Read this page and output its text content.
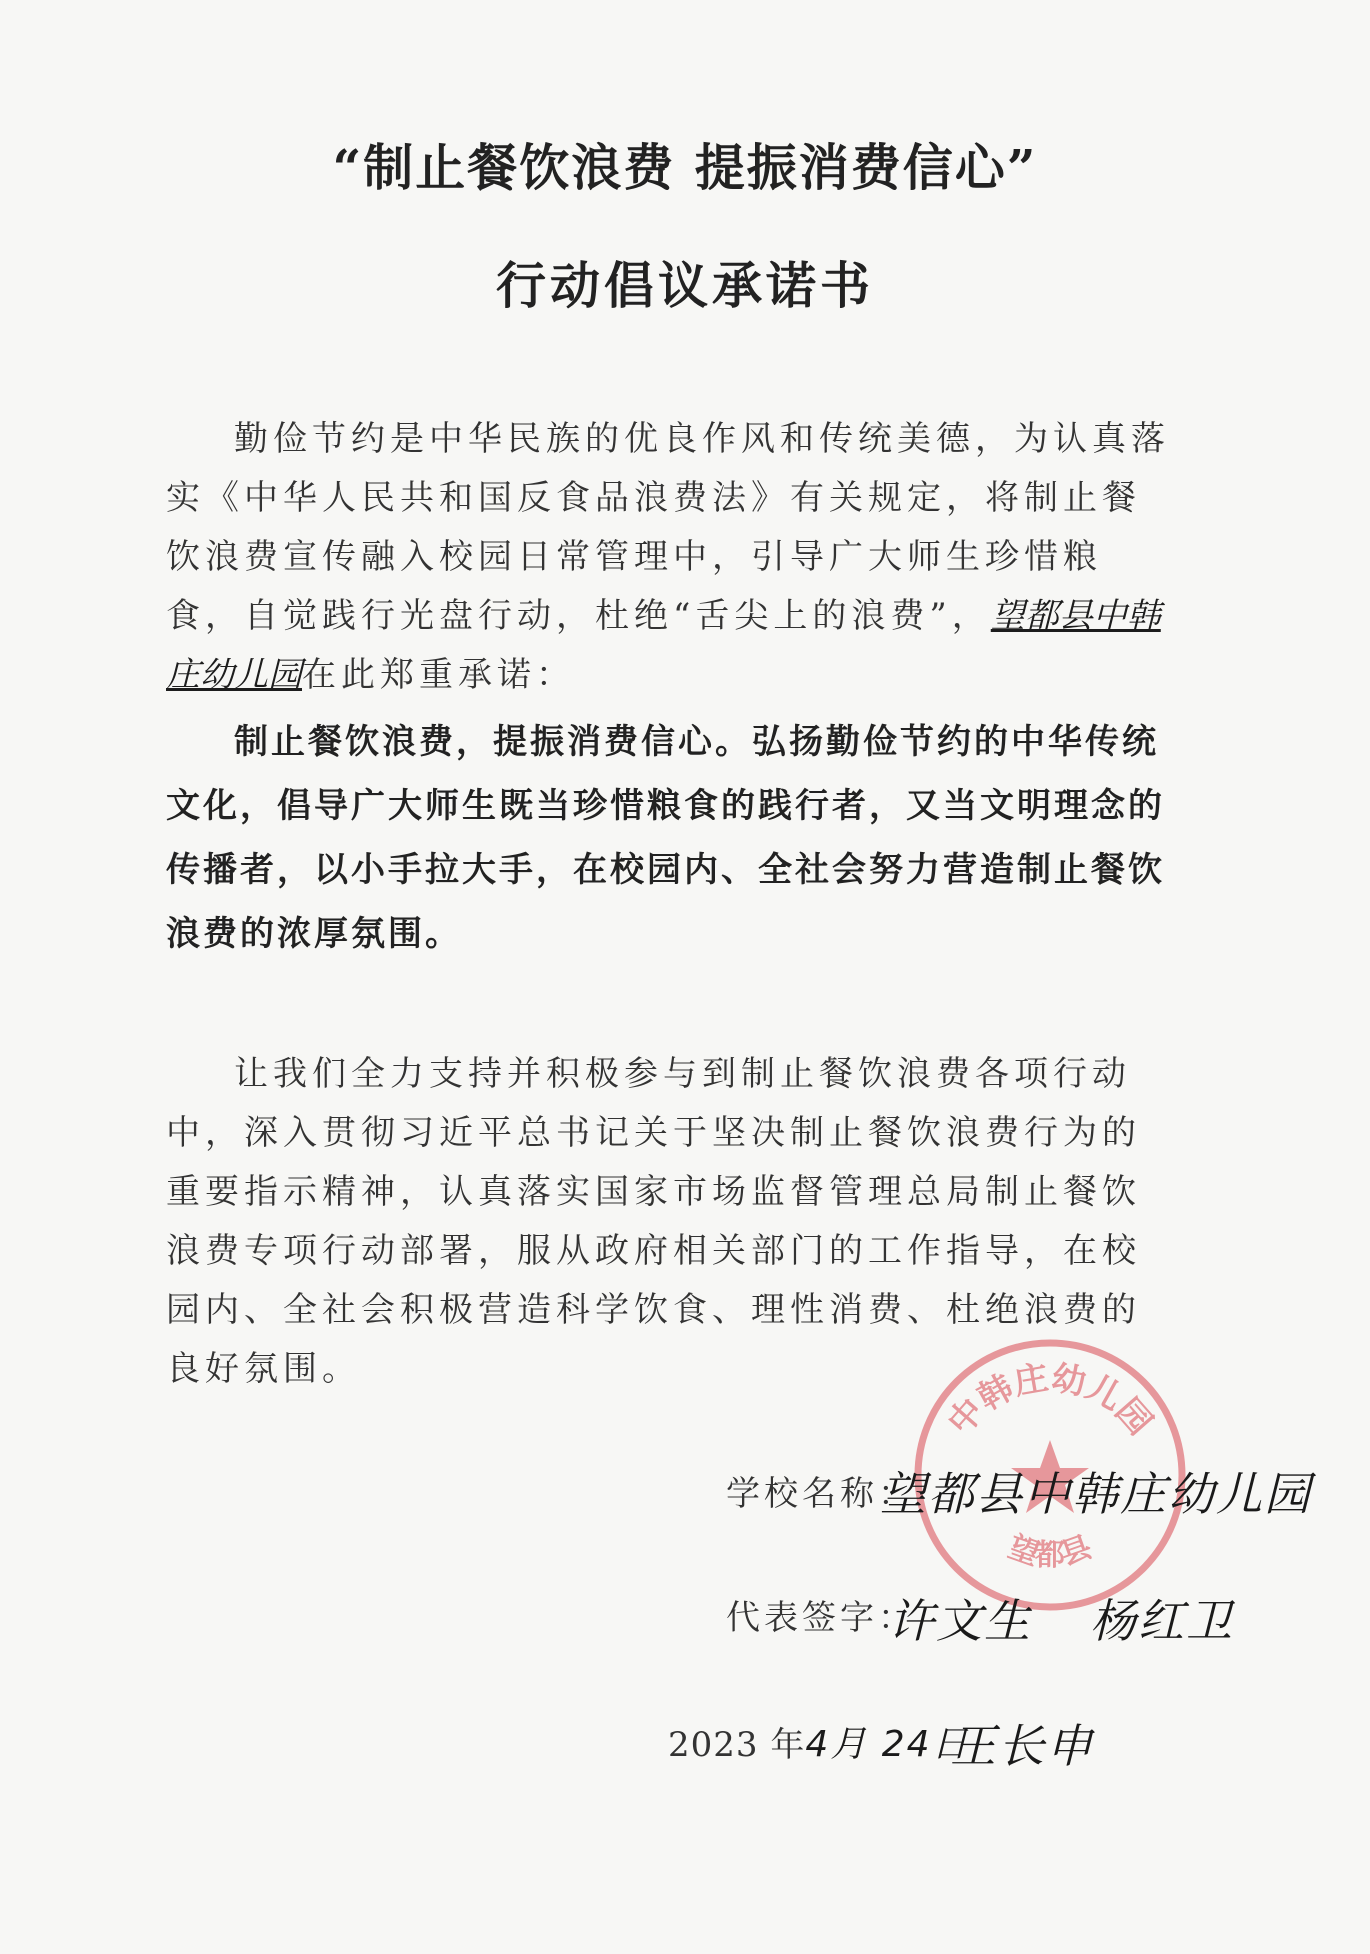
“制止餐饮浪费 提振消费信心”
行动倡议承诺书

勤俭节约是中华民族的优良作风和传统美德，为认真落实《中华人民共和国反食品浪费法》有关规定，将制止餐饮浪费宣传融入校园日常管理中，引导广大师生珍惜粮食，自觉践行光盘行动，杜绝“舌尖上的浪费”，望都县中韩庄幼儿园在此郑重承诺：

制止餐饮浪费，提振消费信心。弘扬勤俭节约的中华传统文化，倡导广大师生既当珍惜粮食的践行者，又当文明理念的传播者，以小手拉大手，在校园内、全社会努力营造制止餐饮浪费的浓厚氛围。

让我们全力支持并积极参与到制止餐饮浪费各项行动中，深入贯彻习近平总书记关于坚决制止餐饮浪费行为的重要指示精神，认真落实国家市场监督管理总局制止餐饮浪费专项行动部署，服从政府相关部门的工作指导，在校园内、全社会积极营造科学饮食、理性消费、杜绝浪费的良好氛围。

中韩庄幼儿园
望都县
学校名称：
望都县中韩庄幼儿园
代表签字：
许文生 杨红卫
2023 年4月 24日
王长申
